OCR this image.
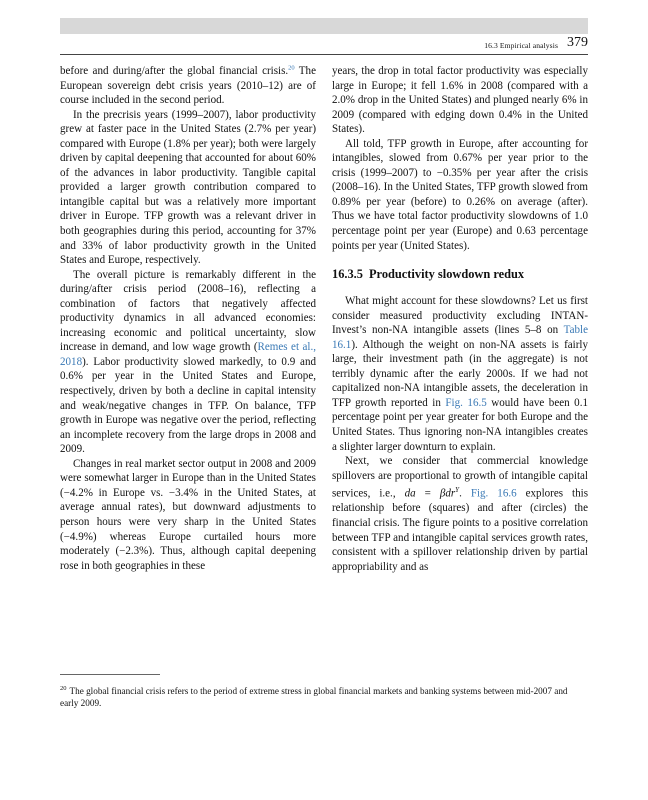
16.3 Empirical analysis 379

before and during/after the global financial crisis.$^{20}$ The European sovereign debt crisis years (2010–12) are of course included in the second period.

In the precrisis years (1999–2007), labor productivity grew at faster pace in the United States (2.7% per year) compared with Europe (1.8% per year); both were largely driven by capital deepening that accounted for about 60% of the advances in labor productivity. Tangible capital provided a larger growth contribution compared to intangible capital but was a relatively more important driver in Europe. TFP growth was a relevant driver in both geographies during this period, accounting for 37% and 33% of labor productivity growth in the United States and Europe, respectively.

The overall picture is remarkably different in the during/after crisis period (2008–16), reflecting a combination of factors that negatively affected productivity dynamics in all advanced economies: increasing economic and political uncertainty, slow increase in demand, and low wage growth (Remes et al., 2018). Labor productivity slowed markedly, to 0.9 and 0.6% per year in the United States and Europe, respectively, driven by both a decline in capital intensity and weak/negative changes in TFP. On balance, TFP growth in Europe was negative over the period, reflecting an incomplete recovery from the large drops in 2008 and 2009.

Changes in real market sector output in 2008 and 2009 were somewhat larger in Europe than in the United States (−4.2% in Europe vs. −3.4% in the United States, at average annual rates), but downward adjustments to person hours were very sharp in the United States (−4.9%) whereas Europe curtailed hours more moderately (−2.3%). Thus, although capital deepening rose in both geographies in these

years, the drop in total factor productivity was especially large in Europe; it fell 1.6% in 2008 (compared with a 2.0% drop in the United States) and plunged nearly 6% in 2009 (compared with edging down 0.4% in the United States).

All told, TFP growth in Europe, after accounting for intangibles, slowed from 0.67% per year prior to the crisis (1999–2007) to −0.35% per year after the crisis (2008–16). In the United States, TFP growth slowed from 0.89% per year (before) to 0.26% on average (after). Thus we have total factor productivity slowdowns of 1.0 percentage point per year (Europe) and 0.63 percentage points per year (United States).

16.3.5 Productivity slowdown redux

What might account for these slowdowns? Let us first consider measured productivity excluding INTAN-Invest’s non-NA intangible assets (lines 5–8 on Table 16.1). Although the weight on non-NA assets is fairly large, their investment path (in the aggregate) is not terribly dynamic after the early 2000s. If we had not capitalized non-NA intangible assets, the deceleration in TFP growth reported in Fig. 16.5 would have been 0.1 percentage point per year greater for both Europe and the United States. Thus ignoring non-NA intangibles creates a slighter larger downturn to explain.

Next, we consider that commercial knowledge spillovers are proportional to growth of intangible capital services, i.e., da = βdr$^Y$. Fig. 16.6 explores this relationship before (squares) and after (circles) the financial crisis. The figure points to a positive correlation between TFP and intangible capital services growth rates, consistent with a spillover relationship driven by partial appropriability and as

$^{20}$ The global financial crisis refers to the period of extreme stress in global financial markets and banking systems between mid-2007 and early 2009.
